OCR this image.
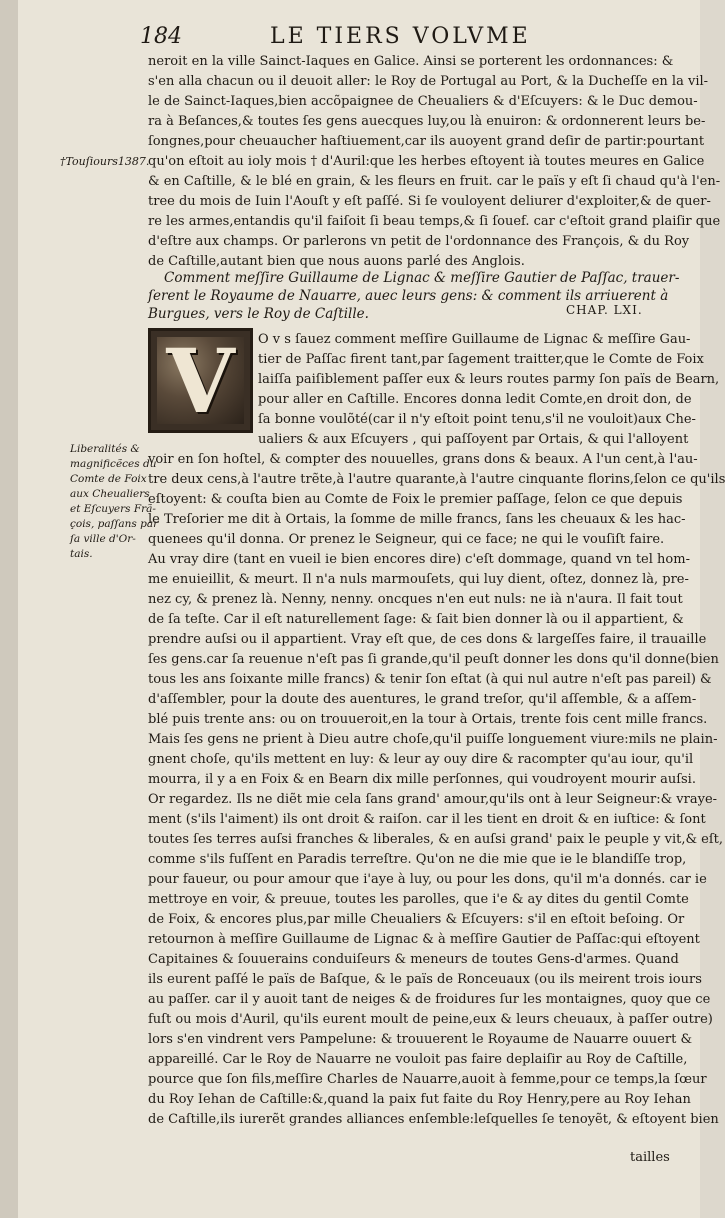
184	LE TIERS VOLVME
neroit en la ville Sainct-Iaques en Galice. Ainsi se porterent les ordonnances: &
s'en alla chacun ou il deuoit aller: le Roy de Portugal au Port, & la Ducheſſe en la vil-
le de Sainct-Iaques,bien accõpaignee de Cheualiers & d'Eſcuyers: & le Duc demou-
ra à Beſances,& toutes ſes gens auecques luy,ou là enuiron: & ordonnerent leurs be-
ſongnes,pour cheuaucher haſtiuement,car ils auoyent grand deſir de partir:pourtant
qu'on eſtoit au ioly mois † d'Auril:que les herbes eſtoyent ià toutes meures en Galice
& en Caſtille, & le blé en grain, & les fleurs en fruit. car le païs y eſt ſi chaud qu'à l'en-
tree du mois de Iuin l'Aouſt y eſt paſſé. Si ſe vouloyent deliurer d'exploiter,& de quer-
re les armes,entandis qu'il faiſoit ſi beau temps,& ſi ſouef. car c'eſtoit grand plaiſir que
d'eſtre aux champs. Or parlerons vn petit de l'ordonnance des François, & du Roy
de Caſtille,autant bien que nous auons parlé des Anglois.
†Touſiours1387.
Comment meſſire Guillaume de Lignac & meſſire Gautier de Paſſac, trauer-
ſerent le Royaume de Nauarre, auec leurs gens: & comment ils arriuerent à
Burgues, vers le Roy de Caſtille.	CHAP. LXI.
V	O v s ſauez comment meſſire Guillaume de Lignac & meſſire Gau-
tier de Paſſac firent tant,par ſagement traitter,que le Comte de Foix
laiſſa paiſiblement paſſer eux & leurs routes parmy ſon païs de Bearn,
pour aller en Caſtille. Encores donna ledit Comte,en droit don, de
ſa bonne voulõté(car il n'y eſtoit point tenu,s'il ne vouloit)aux Che-
ualiers & aux Eſcuyers , qui paſſoyent par Ortais, & qui l'alloyent
voir en ſon hoſtel, & compter des nouuelles, grans dons & beaux. A l'un cent,à l'au-
tre deux cens,à l'autre trẽte,à l'autre quarante,à l'autre cinquante florins,ſelon ce qu'ils
eſtoyent: & couſta bien au Comte de Foix le premier paſſage, ſelon ce que depuis
le Treſorier me dit à Ortais, la ſomme de mille francs, ſans les cheuaux & les hac-
quenees qu'il donna. Or prenez le Seigneur, qui ce face; ne qui le vouſiſt faire.
Au vray dire (tant en vueil ie bien encores dire) c'eſt dommage, quand vn tel hom-
me enuieillit, & meurt. Il n'a nuls marmouſets, qui luy dient, oſtez, donnez là, pre-
nez cy, & prenez là. Nenny, nenny. oncques n'en eut nuls: ne ià n'aura. Il fait tout
de ſa teſte. Car il eſt naturellement ſage: & ſait bien donner là ou il appartient, &
prendre auſsi ou il appartient. Vray eſt que, de ces dons & largeſſes faire, il trauaille
ſes gens.car ſa reuenue n'eſt pas ſi grande,qu'il peuſt donner les dons qu'il donne(bien
tous les ans ſoixante mille francs) & tenir ſon eſtat (à qui nul autre n'eſt pas pareil) &
d'aſſembler, pour la doute des auentures, le grand treſor, qu'il aſſemble, & a aſſem-
blé puis trente ans: ou on trouueroit,en la tour à Ortais, trente fois cent mille francs.
Mais ſes gens ne prient à Dieu autre choſe,qu'il puiſſe longuement viure:mils ne plain-
gnent choſe, qu'ils mettent en luy: & leur ay ouy dire & racompter qu'au iour, qu'il
mourra, il y a en Foix & en Bearn dix mille perſonnes, qui voudroyent mourir auſsi.
Or regardez. Ils ne diẽt mie cela ſans grand' amour,qu'ils ont à leur Seigneur:& vraye-
ment (s'ils l'aiment) ils ont droit & raiſon. car il les tient en droit & en iuſtice: & ſont
toutes ſes terres auſsi franches & liberales, & en auſsi grand' paix le peuple y vit,& eſt,
comme s'ils fuſſent en Paradis terreſtre. Qu'on ne die mie que ie le blandiſſe trop,
pour faueur, ou pour amour que i'aye à luy, ou pour les dons, qu'il m'a donnés. car ie
mettroye en voir, & preuue, toutes les parolles, que i'e & ay dites du gentil Comte
de Foix, & encores plus,par mille Cheualiers & Eſcuyers: s'il en eſtoit beſoing. Or
retournon à meſſire Guillaume de Lignac & à meſſire Gautier de Paſſac:qui eſtoyent
Capitaines & ſouuerains conduiſeurs & meneurs de toutes Gens-d'armes. Quand
ils eurent paſſé le païs de Baſque, & le païs de Ronceuaux (ou ils meirent trois iours
au paſſer. car il y auoit tant de neiges & de froidures ſur les montaignes, quoy que ce
fuſt ou mois d'Auril, qu'ils eurent moult de peine,eux & leurs cheuaux, à paſſer outre)
lors s'en vindrent vers Pampelune: & trouuerent le Royaume de Nauarre ouuert &
appareillé. Car le Roy de Nauarre ne vouloit pas faire deplaiſir au Roy de Caſtille,
pource que ſon fils,meſſire Charles de Nauarre,auoit à femme,pour ce temps,la ſœur
du Roy Iehan de Caſtille:&,quand la paix fut faite du Roy Henry,pere au Roy Iehan
de Caſtille,ils iurerẽt grandes alliances enſemble:leſquelles ſe tenoyẽt, & eſtoyent bien
Liberalités &
magnificẽces du
Comte de Foix
aux Cheualiers
et Eſcuyers Frã-
çois, paſſans par
ſa ville d'Or-
tais.
tailles
